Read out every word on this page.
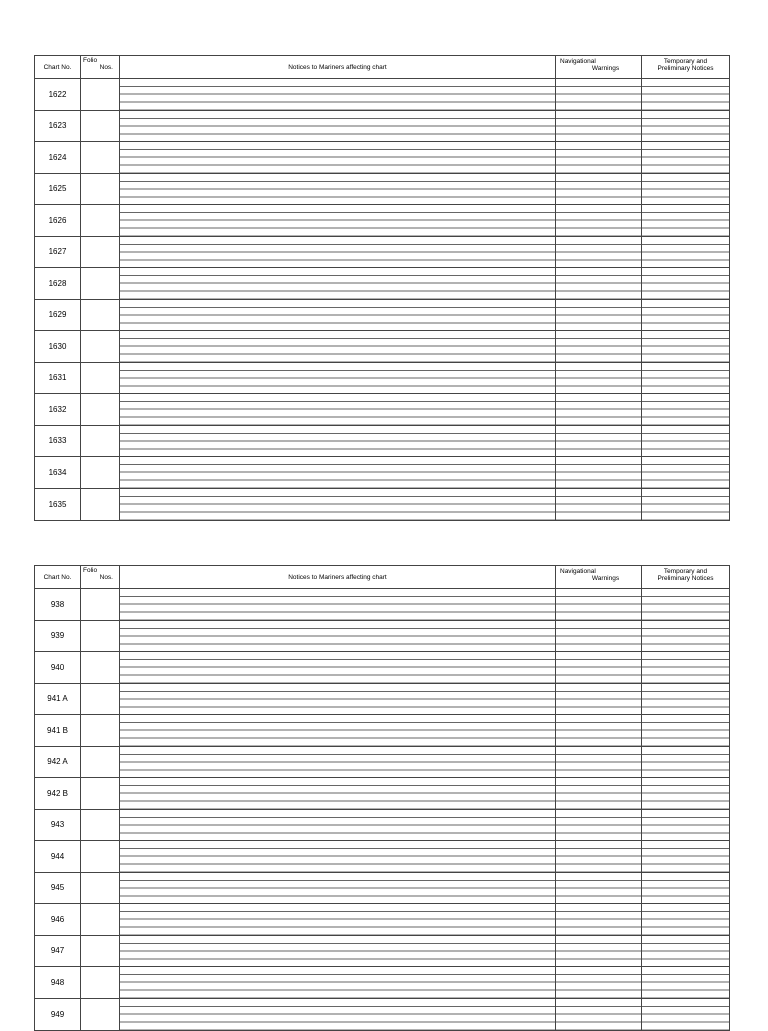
Chart No.
Folio
Nos.	Notices to Mariners affecting chart
Navigational
Warnings
Temporary and
Preliminary Notices
1622
1623
1624
1625
1626
1627
1628
1629
1630
1631
1632
1633
1634
1635
Chart No.
Folio
Nos.	Notices to Mariners affecting chart
Navigational
Warnings
Temporary and
Preliminary Notices
938
939
940
941 A
941 B
942 A
942 B
943
944
945
946
947
948
949
